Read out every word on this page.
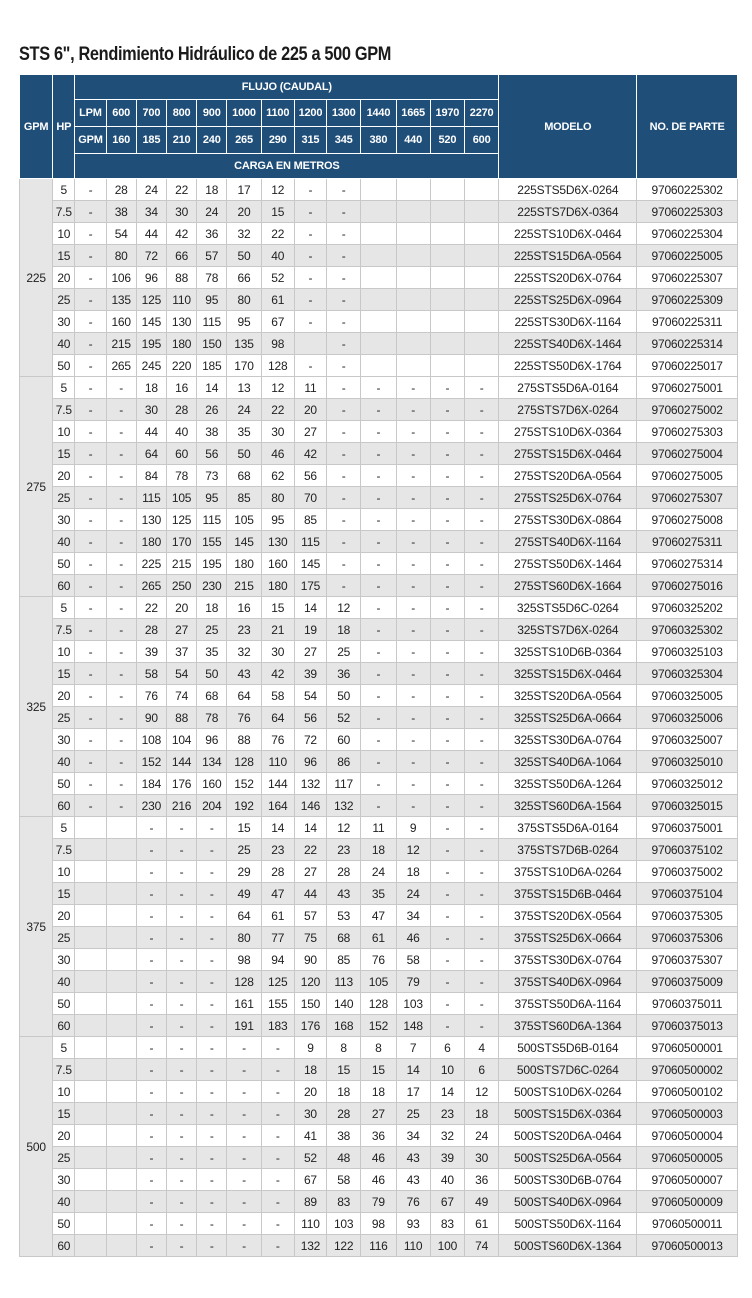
STS 6", Rendimiento Hidráulico de 225 a 500 GPM
GPM	HP	FLUJO (CAUDAL)													MODELO	NO. DE PARTE
		LPM	600	700	800	900	1000	1100	1200	1300	1440	1665	1970	2270		
		GPM	160	185	210	240	265	290	315	345	380	440	520	600		
		CARGA EN METROS														
225	5	-	28	24	22	18	17	12	-	-					225STS5D6X-0264	97060225302
	7.5	-	38	34	30	24	20	15	-	-					225STS7D6X-0364	97060225303
	10	-	54	44	42	36	32	22	-	-					225STS10D6X-0464	97060225304
	15	-	80	72	66	57	50	40	-	-					225STS15D6A-0564	97060225005
	20	-	106	96	88	78	66	52	-	-					225STS20D6X-0764	97060225307
	25	-	135	125	110	95	80	61	-	-					225STS25D6X-0964	97060225309
	30	-	160	145	130	115	95	67	-	-					225STS30D6X-1164	97060225311
	40	-	215	195	180	150	135	98		-					225STS40D6X-1464	97060225314
	50	-	265	245	220	185	170	128	-	-					225STS50D6X-1764	97060225017
275	5	-	-	18	16	14	13	12	11	-	-	-	-	-	275STS5D6A-0164	97060275001
	7.5	-	-	30	28	26	24	22	20	-	-	-	-	-	275STS7D6X-0264	97060275002
	10	-	-	44	40	38	35	30	27	-	-	-	-	-	275STS10D6X-0364	97060275303
	15	-	-	64	60	56	50	46	42	-	-	-	-	-	275STS15D6X-0464	97060275004
	20	-	-	84	78	73	68	62	56	-	-	-	-	-	275STS20D6A-0564	97060275005
	25	-	-	115	105	95	85	80	70	-	-	-	-	-	275STS25D6X-0764	97060275307
	30	-	-	130	125	115	105	95	85	-	-	-	-	-	275STS30D6X-0864	97060275008
	40	-	-	180	170	155	145	130	115	-	-	-	-	-	275STS40D6X-1164	97060275311
	50	-	-	225	215	195	180	160	145	-	-	-	-	-	275STS50D6X-1464	97060275314
	60	-	-	265	250	230	215	180	175	-	-	-	-	-	275STS60D6X-1664	97060275016
325	5	-	-	22	20	18	16	15	14	12	-	-	-	-	325STS5D6C-0264	97060325202
	7.5	-	-	28	27	25	23	21	19	18	-	-	-	-	325STS7D6X-0264	97060325302
	10	-	-	39	37	35	32	30	27	25	-	-	-	-	325STS10D6B-0364	97060325103
	15	-	-	58	54	50	43	42	39	36	-	-	-	-	325STS15D6X-0464	97060325304
	20	-	-	76	74	68	64	58	54	50	-	-	-	-	325STS20D6A-0564	97060325005
	25	-	-	90	88	78	76	64	56	52	-	-	-	-	325STS25D6A-0664	97060325006
	30	-	-	108	104	96	88	76	72	60	-	-	-	-	325STS30D6A-0764	97060325007
	40	-	-	152	144	134	128	110	96	86	-	-	-	-	325STS40D6A-1064	97060325010
	50	-	-	184	176	160	152	144	132	117	-	-	-	-	325STS50D6A-1264	97060325012
	60	-	-	230	216	204	192	164	146	132	-	-	-	-	325STS60D6A-1564	97060325015
375	5			-	-	-	15	14	14	12	11	9	-	-	375STS5D6A-0164	97060375001
	7.5			-	-	-	25	23	22	23	18	12	-	-	375STS7D6B-0264	97060375102
	10			-	-	-	29	28	27	28	24	18	-	-	375STS10D6A-0264	97060375002
	15			-	-	-	49	47	44	43	35	24	-	-	375STS15D6B-0464	97060375104
	20			-	-	-	64	61	57	53	47	34	-	-	375STS20D6X-0564	97060375305
	25			-	-	-	80	77	75	68	61	46	-	-	375STS25D6X-0664	97060375306
	30			-	-	-	98	94	90	85	76	58	-	-	375STS30D6X-0764	97060375307
	40			-	-	-	128	125	120	113	105	79	-	-	375STS40D6X-0964	97060375009
	50			-	-	-	161	155	150	140	128	103	-	-	375STS50D6A-1164	97060375011
	60			-	-	-	191	183	176	168	152	148	-	-	375STS60D6A-1364	97060375013
500	5			-	-	-	-	-	9	8	8	7	6	4	500STS5D6B-0164	97060500001
	7.5			-	-	-	-	-	18	15	15	14	10	6	500STS7D6C-0264	97060500002
	10			-	-	-	-	-	20	18	18	17	14	12	500STS10D6X-0264	97060500102
	15			-	-	-	-	-	30	28	27	25	23	18	500STS15D6X-0364	97060500003
	20			-	-	-	-	-	41	38	36	34	32	24	500STS20D6A-0464	97060500004
	25			-	-	-	-	-	52	48	46	43	39	30	500STS25D6A-0564	97060500005
	30			-	-	-	-	-	67	58	46	43	40	36	500STS30D6B-0764	97060500007
	40			-	-	-	-	-	89	83	79	76	67	49	500STS40D6X-0964	97060500009
	50			-	-	-	-	-	110	103	98	93	83	61	500STS50D6X-1164	97060500011
	60			-	-	-	-	-	132	122	116	110	100	74	500STS60D6X-1364	97060500013
